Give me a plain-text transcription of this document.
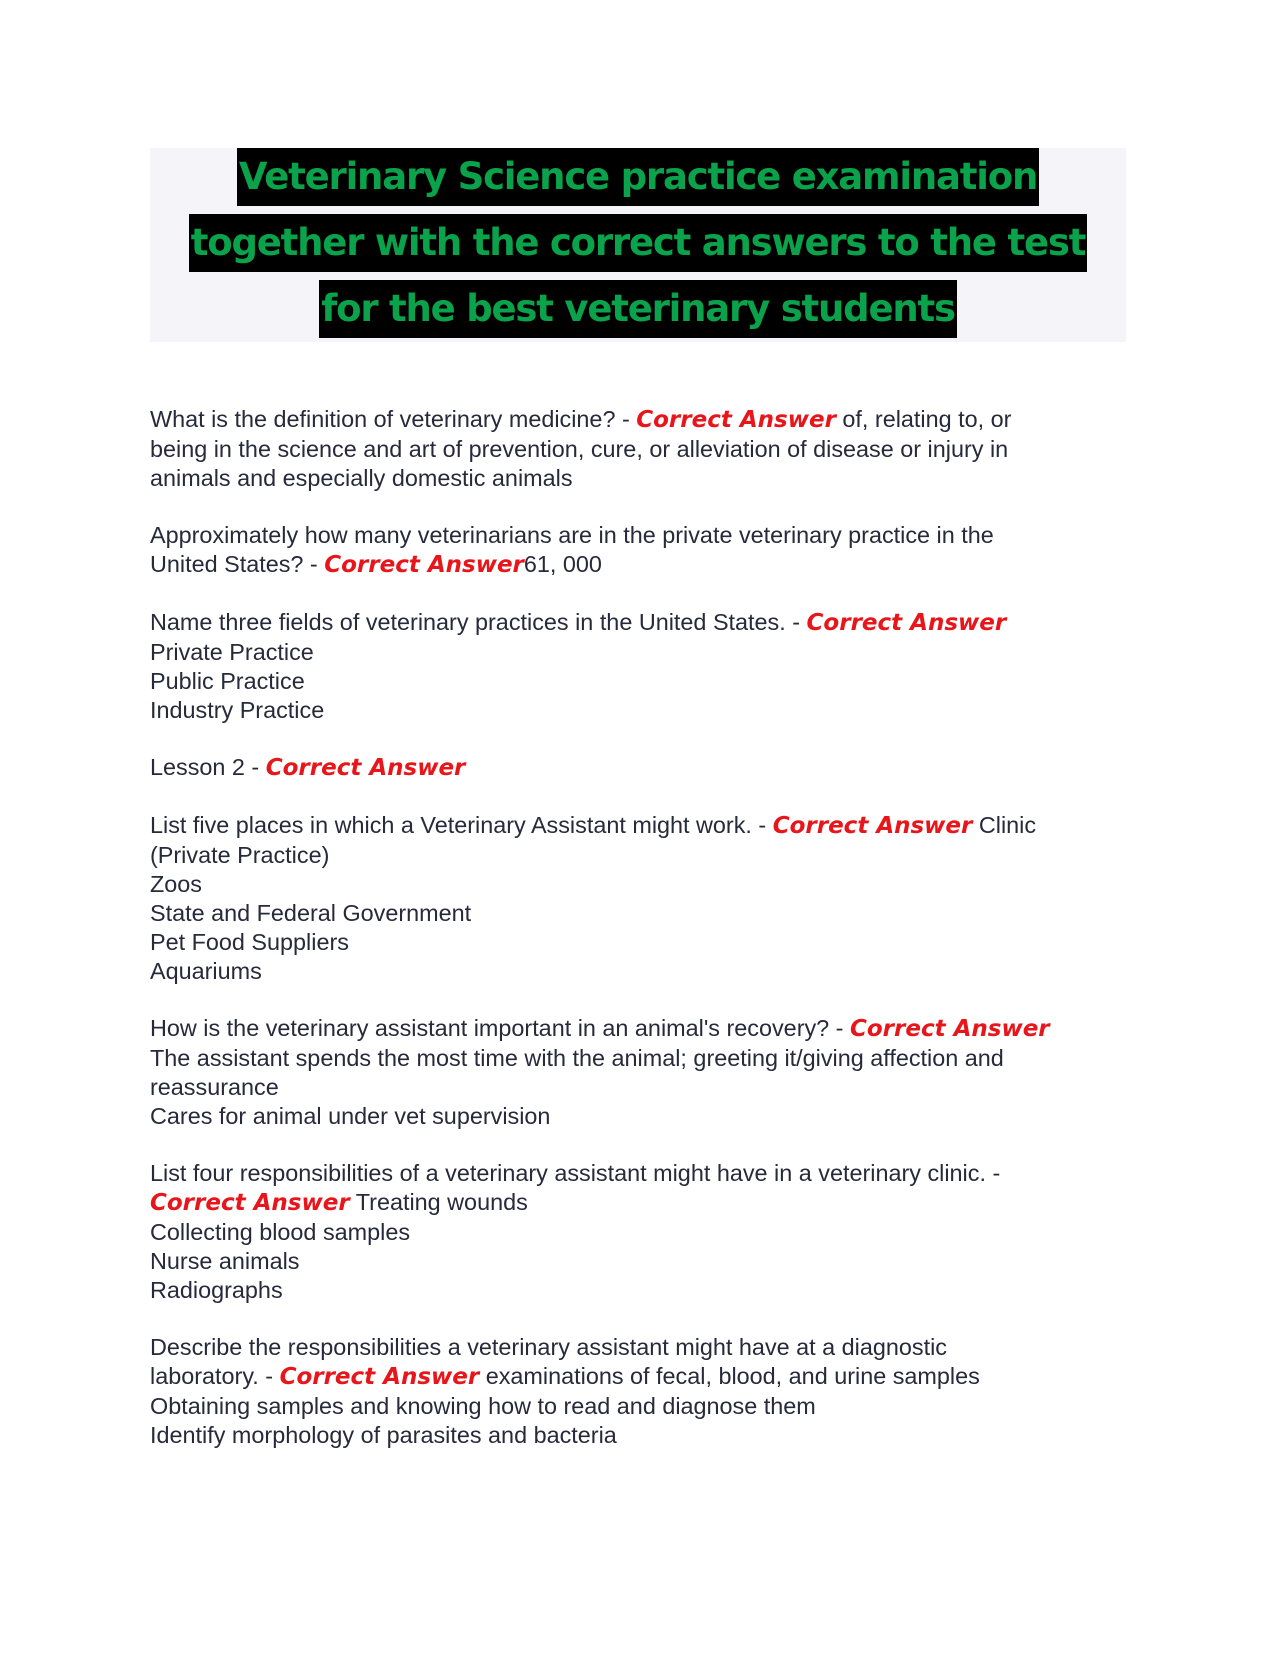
Veterinary Science practice examination
together with the correct answers to the test
for the best veterinary students
What is the definition of veterinary medicine? - Correct Answer of, relating to, or
being in the science and art of prevention, cure, or alleviation of disease or injury in
animals and especially domestic animals
Approximately how many veterinarians are in the private veterinary practice in the
United States? - Correct Answer61, 000
Name three fields of veterinary practices in the United States. - Correct Answer
Private Practice
Public Practice
Industry Practice
Lesson 2 - Correct Answer
List five places in which a Veterinary Assistant might work. - Correct Answer Clinic
(Private Practice)
Zoos
State and Federal Government
Pet Food Suppliers
Aquariums
How is the veterinary assistant important in an animal's recovery? - Correct Answer
The assistant spends the most time with the animal; greeting it/giving affection and
reassurance
Cares for animal under vet supervision
List four responsibilities of a veterinary assistant might have in a veterinary clinic. -
Correct Answer Treating wounds
Collecting blood samples
Nurse animals
Radiographs
Describe the responsibilities a veterinary assistant might have at a diagnostic
laboratory. - Correct Answer examinations of fecal, blood, and urine samples
Obtaining samples and knowing how to read and diagnose them
Identify morphology of parasites and bacteria
